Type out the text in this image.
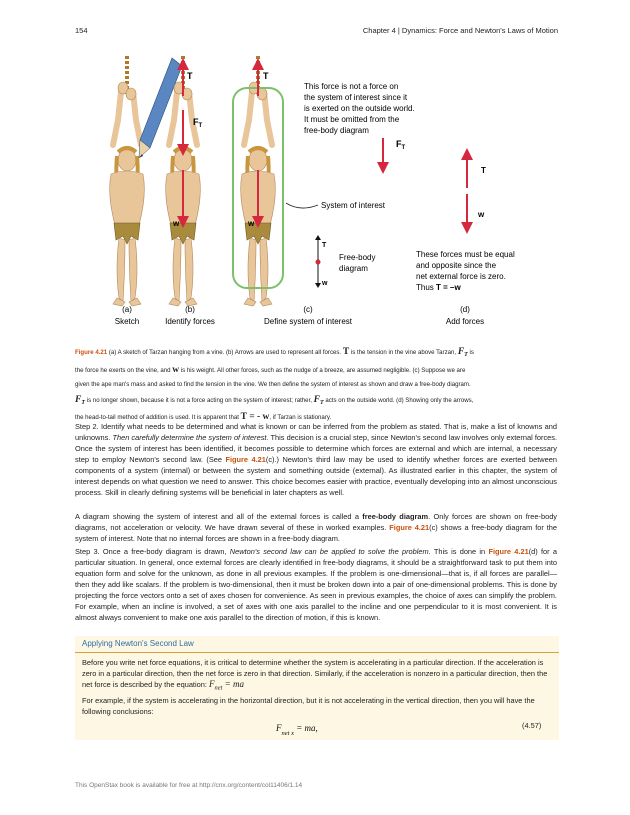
154	Chapter 4 | Dynamics: Force and Newton's Laws of Motion
T
$F_T$
w
T
w
System of interest
T
w
Free-body
diagram
This force is not a force on
the system of interest since it
is exerted on the outside world.
It must be omitted from the
free-body diagram
$F_T$
T
w
These forces must be equal
and opposite since the
net external force is zero.
Thus T = –w
(a)
Sketch
(b)
Identify forces
(c)
Define system of interest
(d)
Add forces
Figure 4.21 (a) A sketch of Tarzan hanging from a vine. (b) Arrows are used to represent all forces. T is the tension in the vine above Tarzan, $F_T$ is
the force he exerts on the vine, and w is his weight. All other forces, such as the nudge of a breeze, are assumed negligible. (c) Suppose we are
given the ape man's mass and asked to find the tension in the vine. We then define the system of interest as shown and draw a free-body diagram.
$F_T$ is no longer shown, because it is not a force acting on the system of interest; rather, $F_T$ acts on the outside world. (d) Showing only the arrows,
the head-to-tail method of addition is used. It is apparent that T = - w, if Tarzan is stationary.

Step 2. Identify what needs to be determined and what is known or can be inferred from the problem as stated. That is, make a list of knowns and unknowns. Then carefully determine the system of interest. This decision is a crucial step, since Newton's second law involves only external forces. Once the system of interest has been identified, it becomes possible to determine which forces are external and which are internal, a necessary step to employ Newton's second law. (See Figure 4.21(c).) Newton's third law may be used to identify whether forces are exerted between components of a system (internal) or between the system and something outside (external). As illustrated earlier in this chapter, the system of interest depends on what question we need to answer. This choice becomes easier with practice, eventually developing into an almost unconscious process. Skill in clearly defining systems will be beneficial in later chapters as well.

A diagram showing the system of interest and all of the external forces is called a free-body diagram. Only forces are shown on free-body diagrams, not acceleration or velocity. We have drawn several of these in worked examples. Figure 4.21(c) shows a free-body diagram for the system of interest. Note that no internal forces are shown in a free-body diagram.

Step 3. Once a free-body diagram is drawn, Newton's second law can be applied to solve the problem. This is done in Figure 4.21(d) for a particular situation. In general, once external forces are clearly identified in free-body diagrams, it should be a straightforward task to put them into equation form and solve for the unknown, as done in all previous examples. If the problem is one-dimensional—that is, if all forces are parallel—then they add like scalars. If the problem is two-dimensional, then it must be broken down into a pair of one-dimensional problems. This is done by projecting the force vectors onto a set of axes chosen for convenience. As seen in previous examples, the choice of axes can simplify the problem. For example, when an incline is involved, a set of axes with one axis parallel to the incline and one perpendicular to it is most convenient. It is almost always convenient to make one axis parallel to the direction of motion, if this is known.

Applying Newton's Second Law

Before you write net force equations, it is critical to determine whether the system is accelerating in a particular direction. If the acceleration is zero in a particular direction, then the net force is zero in that direction. Similarly, if the acceleration is nonzero in a particular direction, then the net force is described by the equation: $F_{net}$ = ma

For example, if the system is accelerating in the horizontal direction, but it is not accelerating in the vertical direction, then you will have the following conclusions:

$F_{net x}$ = ma,	(4.57)
This OpenStax book is available for free at http://cnx.org/content/col11406/1.14
